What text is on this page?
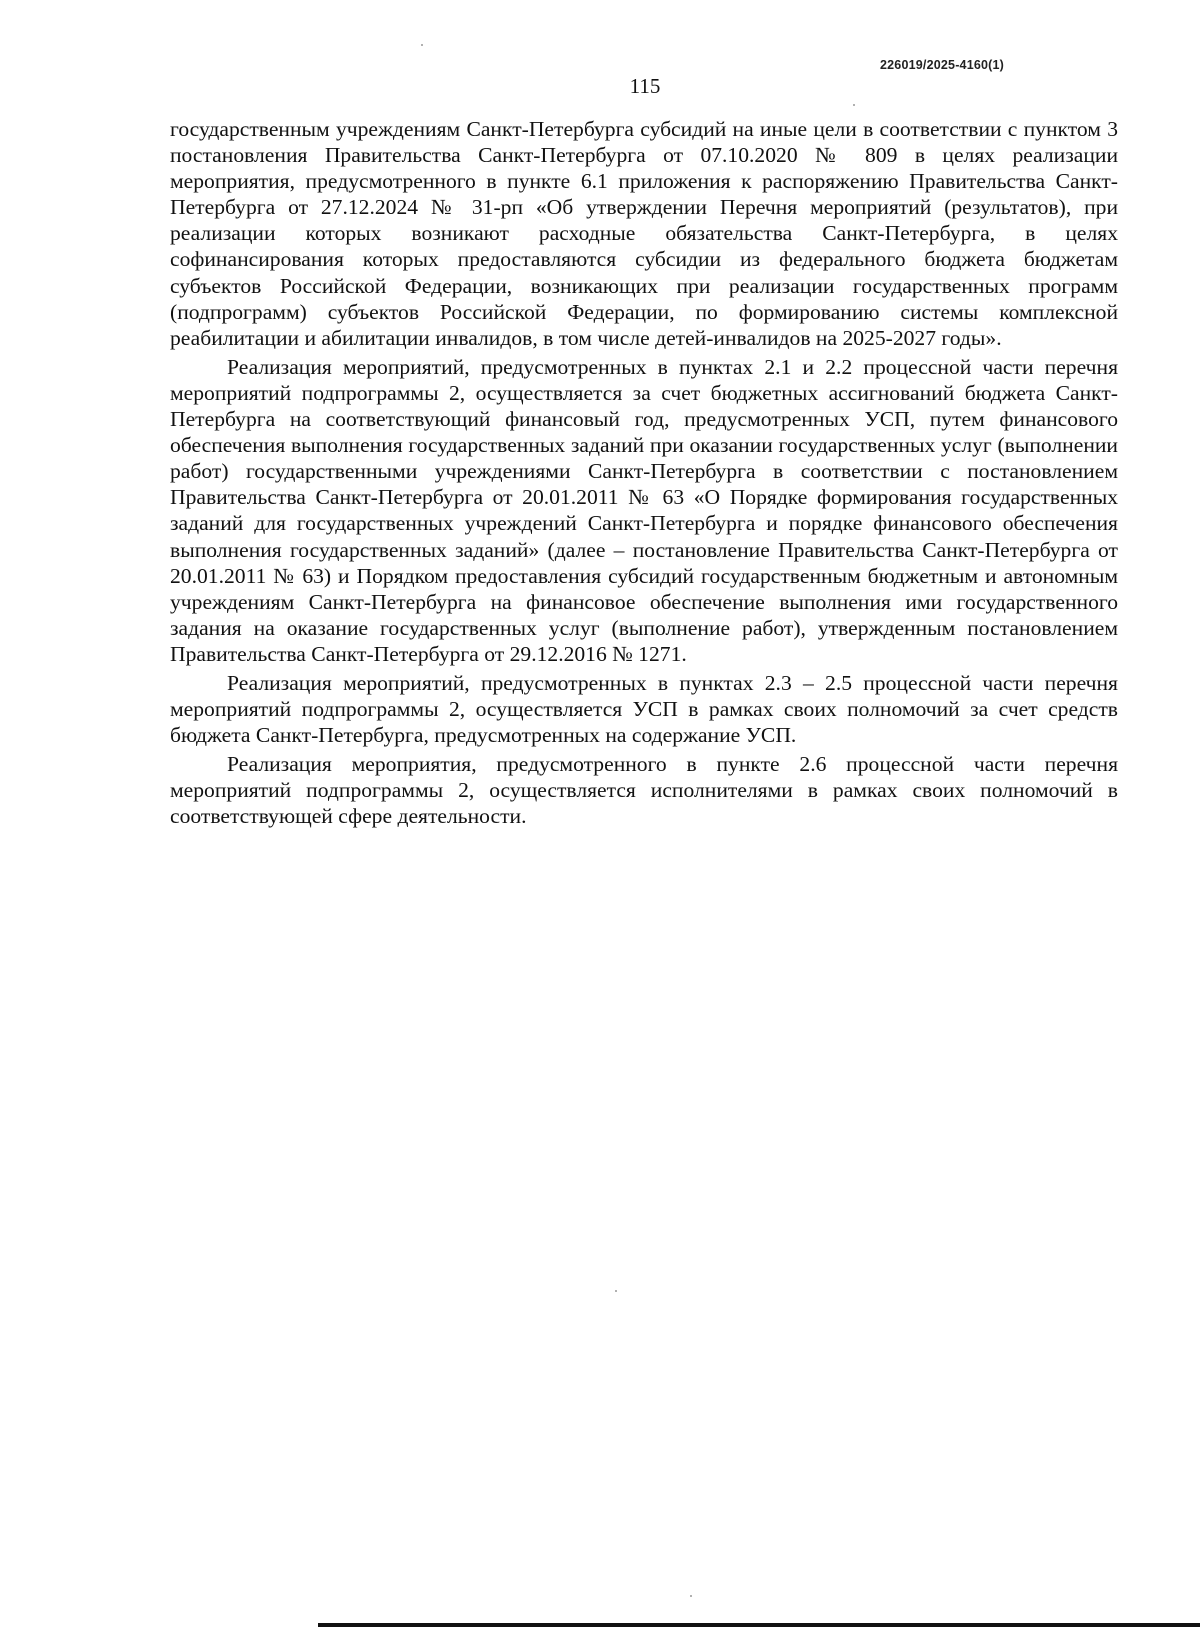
226019/2025-4160(1)
115

государственным учреждениям Санкт-Петербурга субсидий на иные цели в соответствии с пунктом 3 постановления Правительства Санкт-Петербурга от 07.10.2020 № 809 в целях реализации мероприятия, предусмотренного в пункте 6.1 приложения к распоряжению Правительства Санкт-Петербурга от 27.12.2024 № 31-рп «Об утверждении Перечня мероприятий (результатов), при реализации которых возникают расходные обязательства Санкт-Петербурга, в целях софинансирования которых предоставляются субсидии из федерального бюджета бюджетам субъектов Российской Федерации, возникающих при реализации государственных программ (подпрограмм) субъектов Российской Федерации, по формированию системы комплексной реабилитации и абилитации инвалидов, в том числе детей-инвалидов на 2025-2027 годы».

Реализация мероприятий, предусмотренных в пунктах 2.1 и 2.2 процессной части перечня мероприятий подпрограммы 2, осуществляется за счет бюджетных ассигнований бюджета Санкт-Петербурга на соответствующий финансовый год, предусмотренных УСП, путем финансового обеспечения выполнения государственных заданий при оказании государственных услуг (выполнении работ) государственными учреждениями Санкт-Петербурга в соответствии с постановлением Правительства Санкт-Петербурга от 20.01.2011 № 63 «О Порядке формирования государственных заданий для государственных учреждений Санкт-Петербурга и порядке финансового обеспечения выполнения государственных заданий» (далее – постановление Правительства Санкт-Петербурга от 20.01.2011 № 63) и Порядком предоставления субсидий государственным бюджетным и автономным учреждениям Санкт-Петербурга на финансовое обеспечение выполнения ими государственного задания на оказание государственных услуг (выполнение работ), утвержденным постановлением Правительства Санкт-Петербурга от 29.12.2016 № 1271.

Реализация мероприятий, предусмотренных в пунктах 2.3 – 2.5 процессной части перечня мероприятий подпрограммы 2, осуществляется УСП в рамках своих полномочий за счет средств бюджета Санкт-Петербурга, предусмотренных на содержание УСП.

Реализация мероприятия, предусмотренного в пункте 2.6 процессной части перечня мероприятий подпрограммы 2, осуществляется исполнителями в рамках своих полномочий в соответствующей сфере деятельности.
